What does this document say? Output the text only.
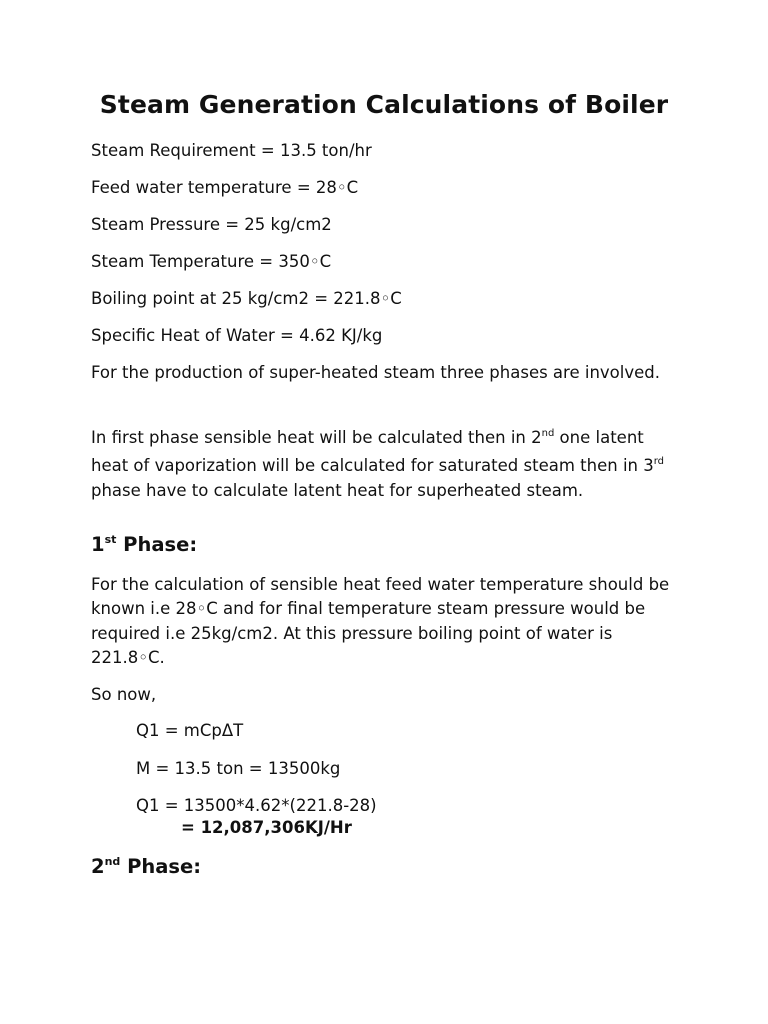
Steam Generation Calculations of Boiler

Steam Requirement = 13.5 ton/hr

Feed water temperature = 28◦C

Steam Pressure = 25 kg/cm2

Steam Temperature = 350◦C

Boiling point at 25 kg/cm2 = 221.8◦C

Specific Heat of Water = 4.62 KJ/kg

For the production of super-heated steam three phases are involved.

In first phase sensible heat will be calculated then in 2nd one latent heat of vaporization will be calculated for saturated steam then in 3rd phase have to calculate latent heat for superheated steam.

1st Phase:

For the calculation of sensible heat feed water temperature should be known i.e 28◦C and for final temperature steam pressure would be required i.e 25kg/cm2. At this pressure boiling point of water is 221.8◦C.

So now,

Q1 = mCpΔT

M = 13.5 ton = 13500kg

Q1 = 13500*4.62*(221.8-28)

= 12,087,306KJ/Hr

2nd Phase:
